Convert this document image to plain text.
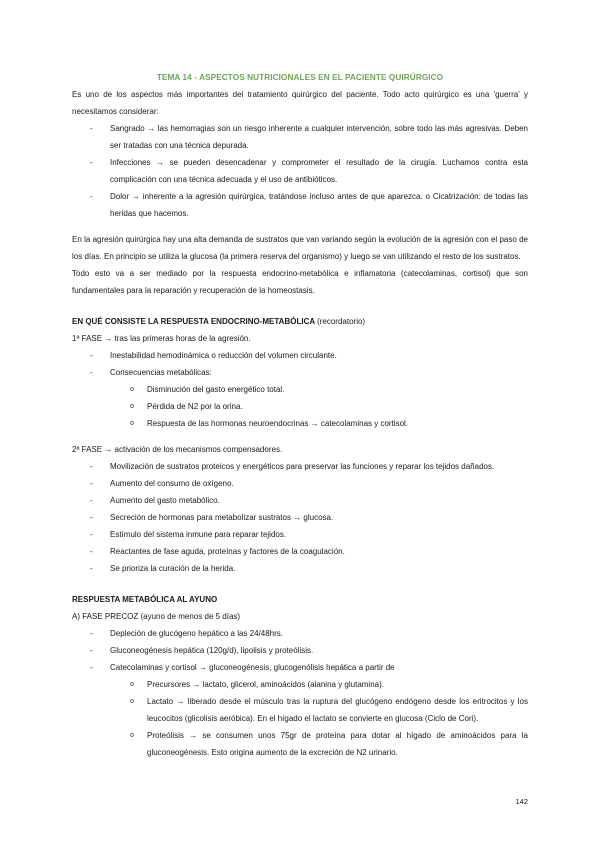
TEMA 14 - ASPECTOS NUTRICIONALES EN EL PACIENTE QUIRÚRGICO

Es uno de los aspectos más importantes del tratamiento quirúrgico del paciente. Todo acto quirúrgico es una 'guerra' y necesitamos considerar:

- Sangrado → las hemorragias son un riesgo inherente a cualquier intervención, sobre todo las más agresivas. Deben ser tratadas con una técnica depurada.
- Infecciones → se pueden desencadenar y comprometer el resultado de la cirugía. Luchamos contra esta complicación con una técnica adecuada y el uso de antibióticos.
- Dolor → inherente a la agresión quirúrgica, tratándose incluso antes de que aparezca. o Cicatrización: de todas las heridas que hacemos.

En la agresión quirúrgica hay una alta demanda de sustratos que van variando según la evolución de la agresión con el paso de los días. En principio se utiliza la glucosa (la primera reserva del organismo) y luego se van utilizando el resto de los sustratos.

Todo esto va a ser mediado por la respuesta endocrino-metabólica e inflamatoria (catecolaminas, cortisol) que son fundamentales para la reparación y recuperación de la homeostasis.

EN QUÉ CONSISTE LA RESPUESTA ENDOCRINO-METABÓLICA (recordatorio)

1ª FASE → tras las primeras horas de la agresión.

- Inestabilidad hemodinámica o reducción del volumen circulante.
- Consecuencias metabólicas:
o Disminución del gasto energético total.
o Pérdida de N2 por la orina.
o Respuesta de las hormonas neuroendocrinas → catecolaminas y cortisol.

2ª FASE → activación de los mecanismos compensadores.

- Movilización de sustratos proteicos y energéticos para preservar las funciones y reparar los tejidos dañados.
- Aumento del consumo de oxígeno.
- Aumento del gasto metabólico.
- Secreción de hormonas para metabolizar sustratos → glucosa.
- Estímulo del sistema inmune para reparar tejidos.
- Reactantes de fase aguda, proteínas y factores de la coagulación.
- Se prioriza la curación de la herida.

RESPUESTA METABÓLICA AL AYUNO

A) FASE PRECOZ (ayuno de menos de 5 días)

- Depleción de glucógeno hepático a las 24/48hrs.
- Gluconeogénesis hepática (120g/d), lipolisis y proteólisis.
- Catecolaminas y cortisol → gluconeogénesis, glucogenólisis hepática a partir de
o Precursores → lactato, glicerol, aminoácidos (alanina y glutamina).
o Lactato → liberado desde el músculo tras la ruptura del glucógeno endógeno desde los eritrocitos y los leucocitos (glicolisis aeróbica). En el hígado el lactato se convierte en glucosa (Ciclo de Cori).
o Proteólisis → se consumen unos 75gr de proteína para dotar al hígado de aminoácidos para la gluconeogénesis. Esto origina aumento de la excreción de N2 urinario.
142
